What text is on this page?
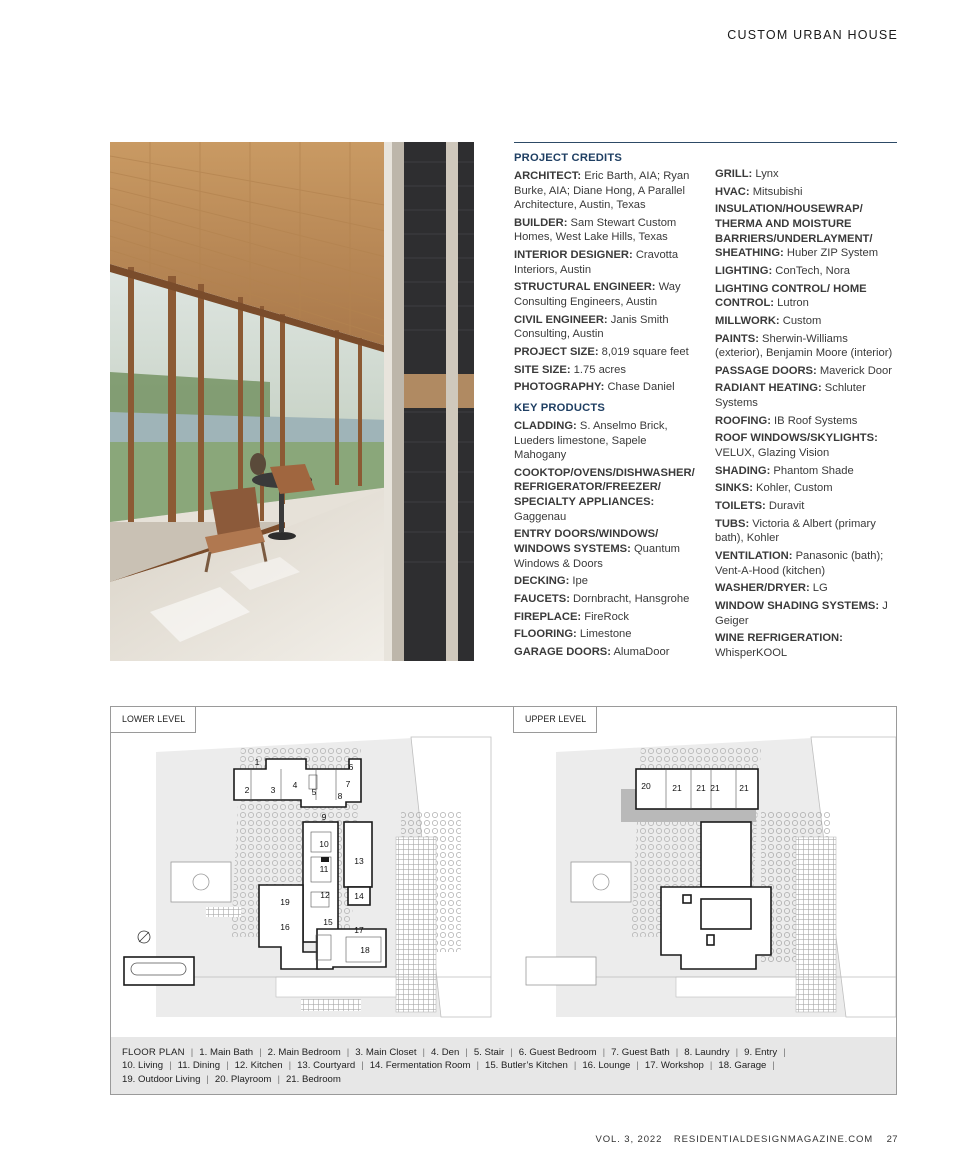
CUSTOM URBAN HOUSE
PROJECT CREDITS
ARCHITECT: Eric Barth, AIA; Ryan Burke, AIA; Diane Hong, A Parallel Architecture, Austin, Texas
BUILDER: Sam Stewart Custom Homes, West Lake Hills, Texas
INTERIOR DESIGNER: Cravotta Interiors, Austin
STRUCTURAL ENGINEER: Way Consulting Engineers, Austin
CIVIL ENGINEER: Janis Smith Consulting, Austin
PROJECT SIZE: 8,019 square feet
SITE SIZE: 1.75 acres
PHOTOGRAPHY: Chase Daniel
KEY PRODUCTS
CLADDING: S. Anselmo Brick, Lueders limestone, Sapele Mahogany
COOKTOP/OVENS/DISHWASHER/ REFRIGERATOR/FREEZER/ SPECIALTY APPLIANCES: Gaggenau
ENTRY DOORS/WINDOWS/ WINDOWS SYSTEMS: Quantum Windows & Doors
DECKING: Ipe
FAUCETS: Dornbracht, Hansgrohe
FIREPLACE: FireRock
FLOORING: Limestone
GARAGE DOORS: AlumaDoor
GRILL: Lynx
HVAC: Mitsubishi
INSULATION/HOUSEWRAP/ THERMA AND MOISTURE BARRIERS/UNDERLAYMENT/ SHEATHING: Huber ZIP System
LIGHTING: ConTech, Nora
LIGHTING CONTROL/ HOME CONTROL: Lutron
MILLWORK: Custom
PAINTS: Sherwin-Williams (exterior), Benjamin Moore (interior)
PASSAGE DOORS: Maverick Door
RADIANT HEATING: Schluter Systems
ROOFING: IB Roof Systems
ROOF WINDOWS/SKYLIGHTS: VELUX, Glazing Vision
SHADING: Phantom Shade
SINKS: Kohler, Custom
TOILETS: Duravit
TUBS: Victoria & Albert (primary bath), Kohler
VENTILATION: Panasonic (bath); Vent-A-Hood (kitchen)
WASHER/DRYER: LG
WINDOW SHADING SYSTEMS: J Geiger
WINE REFRIGERATION: WhisperKOOL
1
2	3 4
5
6
7
8
9
10
11
12
13
14
15
16	17
18
19
20	21 21 21 21
LOWER LEVEL	UPPER LEVEL
FLOOR PLAN | 1. Main Bath | 2. Main Bedroom | 3. Main Closet | 4. Den | 5. Stair | 6. Guest Bedroom | 7. Guest Bath | 8. Laundry | 9. Entry |
10. Living | 11. Dining | 12. Kitchen | 13. Courtyard | 14. Fermentation Room | 15. Butler’s Kitchen | 16. Lounge | 17. Workshop | 18. Garage |
19. Outdoor Living | 20. Playroom | 21. Bedroom
VOL. 3, 2022 RESIDENTIALDESIGNMAGAZINE.COM 27
